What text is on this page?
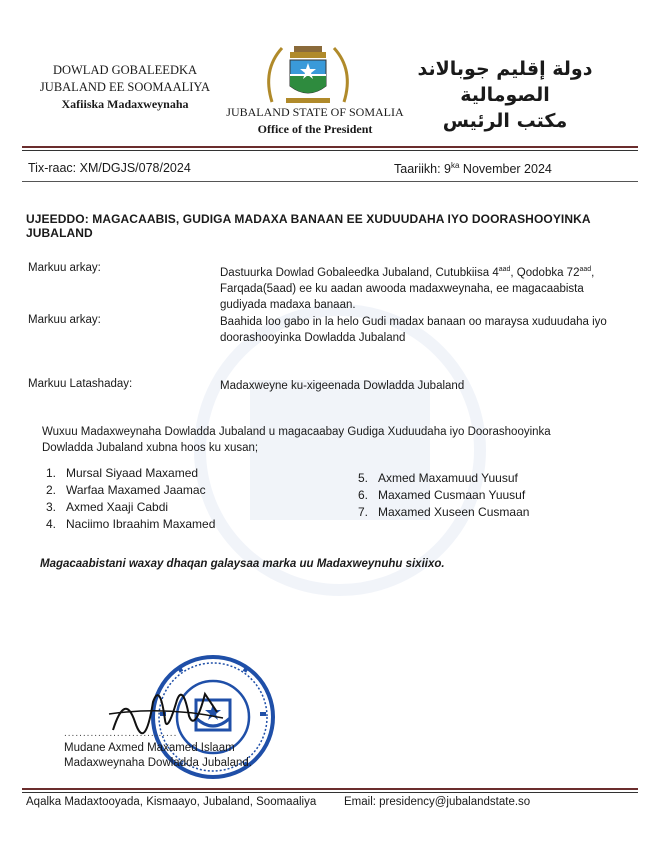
DOWLAD GOBALEEDKA
JUBALAND EE SOOMAALIYA
Xafiiska Madaxweynaha
JUBALAND STATE OF SOMALIA
Office of the President
دولة إقليم جوبالاند الصومالية
مكتب الرئيس
Tix-raac: XM/DGJS/078/2024	Taariikh: $9^{ka}$ November 2024
UJEEDDO: MAGACAABIS, GUDIGA MADAXA BANAAN EE XUDUUDAHA IYO DOORASHOOYINKA JUBALAND
Markuu arkay:	Dastuurka Dowlad Gobaleedka Jubaland, Cutubkiisa $4^{aad}$, Qodobka $72^{aad}$, Farqada(5aad) ee ku aadan awooda madaxweynaha, ee magacaabista gudiyada madaxa banaan.
Markuu arkay:	Baahida loo gabo in la helo Gudi madax banaan oo maraysa xuduudaha iyo doorashooyinka Dowladda Jubaland
Markuu Latashaday:	Madaxweyne ku-xigeenada Dowladda Jubaland
Wuxuu Madaxweynaha Dowladda Jubaland u magacaabay Gudiga Xuduudaha iyo Doorashooyinka Dowladda Jubaland xubna hoos ku xusan;
1. Mursal Siyaad Maxamed
2. Warfaa Maxamed Jaamac
3. Axmed Xaaji Cabdi
4. Naciimo Ibraahim Maxamed
5. Axmed Maxamuud Yuusuf
6. Maxamed Cusmaan Yuusuf
7. Maxamed Xuseen Cusmaan
Magacaabistani waxay dhaqan galaysaa marka uu Madaxweynuhu sixiixo.
..............................
Mudane Axmed Maxamed Islaam
Madaxweynaha Dowladda Jubaland.
Aqalka Madaxtooyada, Kismaayo, Jubaland, Soomaaliya Email: presidency@jubalandstate.so
